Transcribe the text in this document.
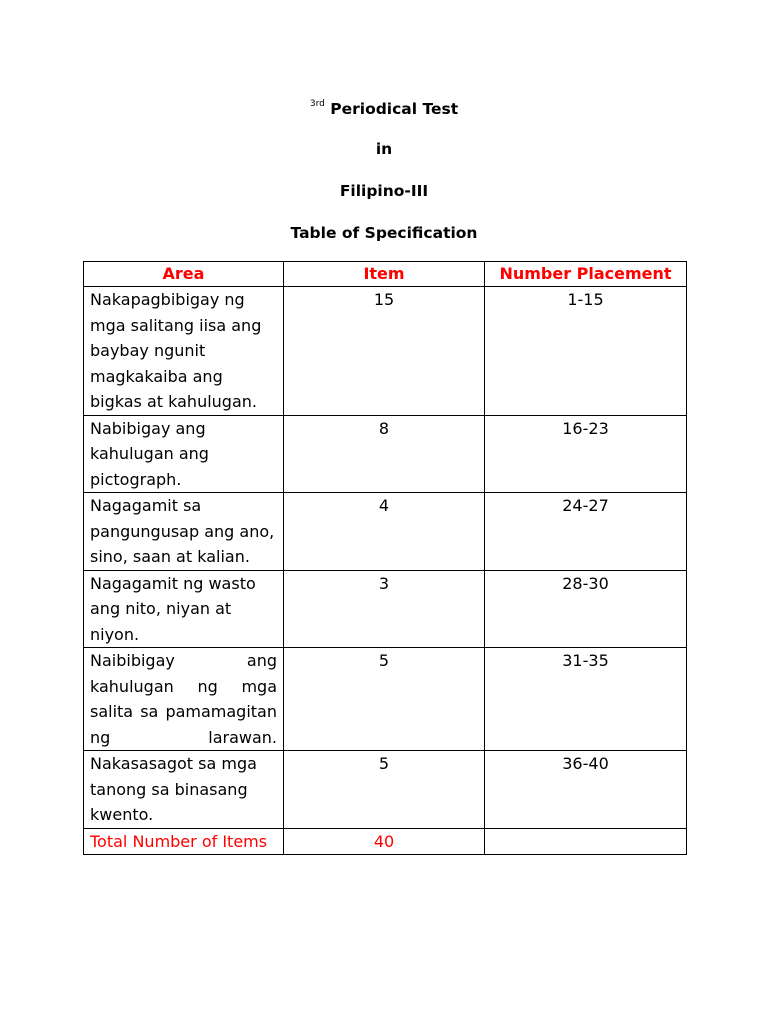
$^{3rd}$ Periodical Test
in
Filipino-III
Table of Specification
Area	Item	Number Placement
Nakapagbibigay ng mga salitang iisa ang baybay ngunit magkakaiba ang bigkas at kahulugan.	15	1-15
Nabibigay ang kahulugan ang pictograph.	8	16-23
Nagagamit sa pangungusap ang ano, sino, saan at kalian.	4	24-27
Nagagamit ng wasto ang nito, niyan at niyon.	3	28-30
Naibibigay ang kahulugan ng mga salita sa pamamagitan ng larawan.	5	31-35
Nakasasagot sa mga tanong sa binasang kwento.	5	36-40
Total Number of Items	40	
